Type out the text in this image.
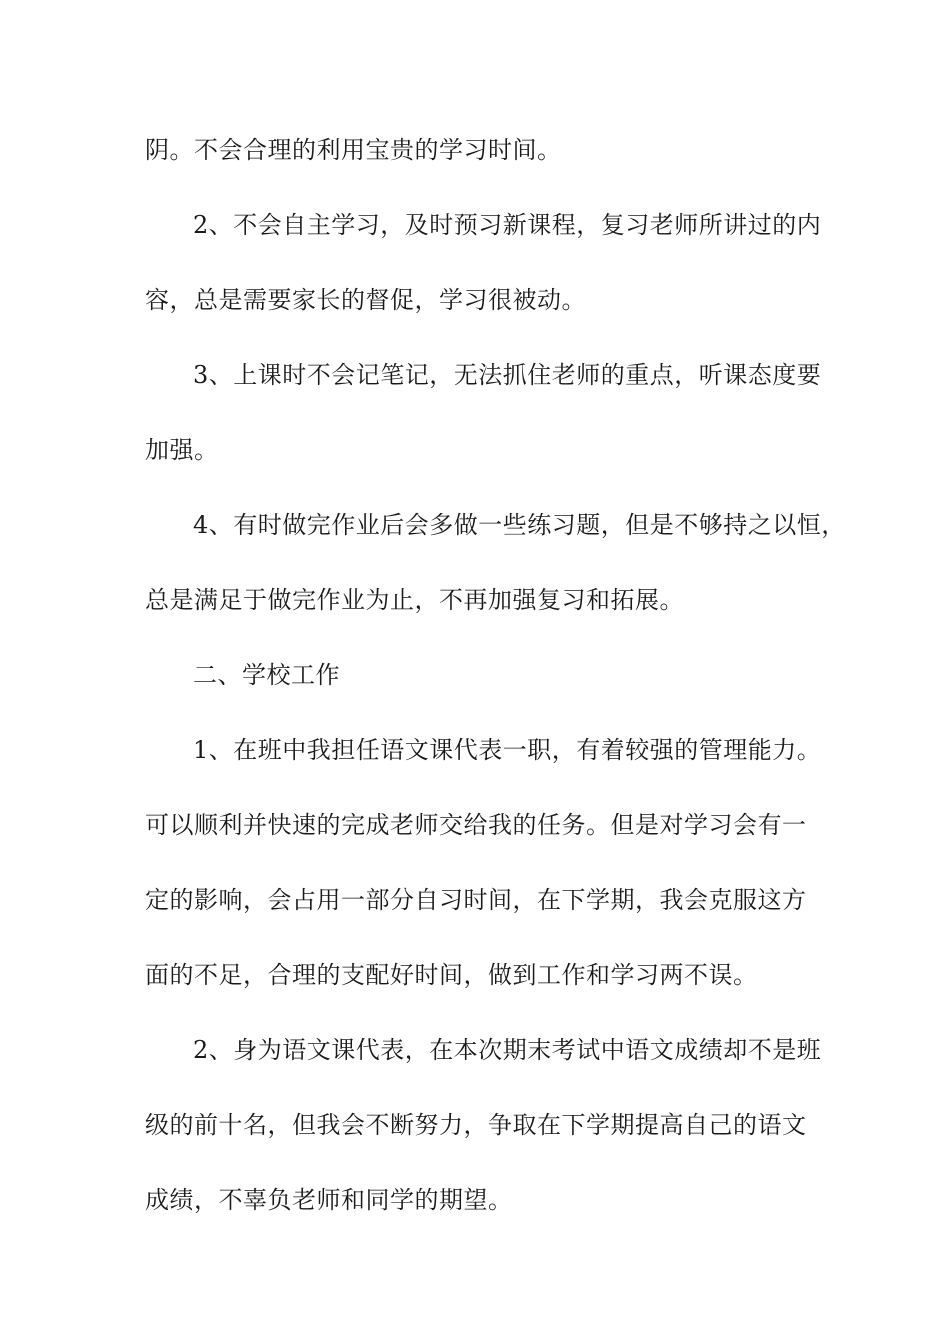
阴。不会合理的利用宝贵的学习时间。

2、不会自主学习，及时预习新课程，复习老师所讲过的内

容，总是需要家长的督促，学习很被动。

3、上课时不会记笔记，无法抓住老师的重点，听课态度要

加强。

4、有时做完作业后会多做一些练习题，但是不够持之以恒，

总是满足于做完作业为止，不再加强复习和拓展。

二、学校工作

1、在班中我担任语文课代表一职，有着较强的管理能力。

可以顺利并快速的完成老师交给我的任务。但是对学习会有一

定的影响，会占用一部分自习时间，在下学期，我会克服这方

面的不足，合理的支配好时间，做到工作和学习两不误。

2、身为语文课代表，在本次期末考试中语文成绩却不是班

级的前十名，但我会不断努力，争取在下学期提高自己的语文

成绩，不辜负老师和同学的期望。
